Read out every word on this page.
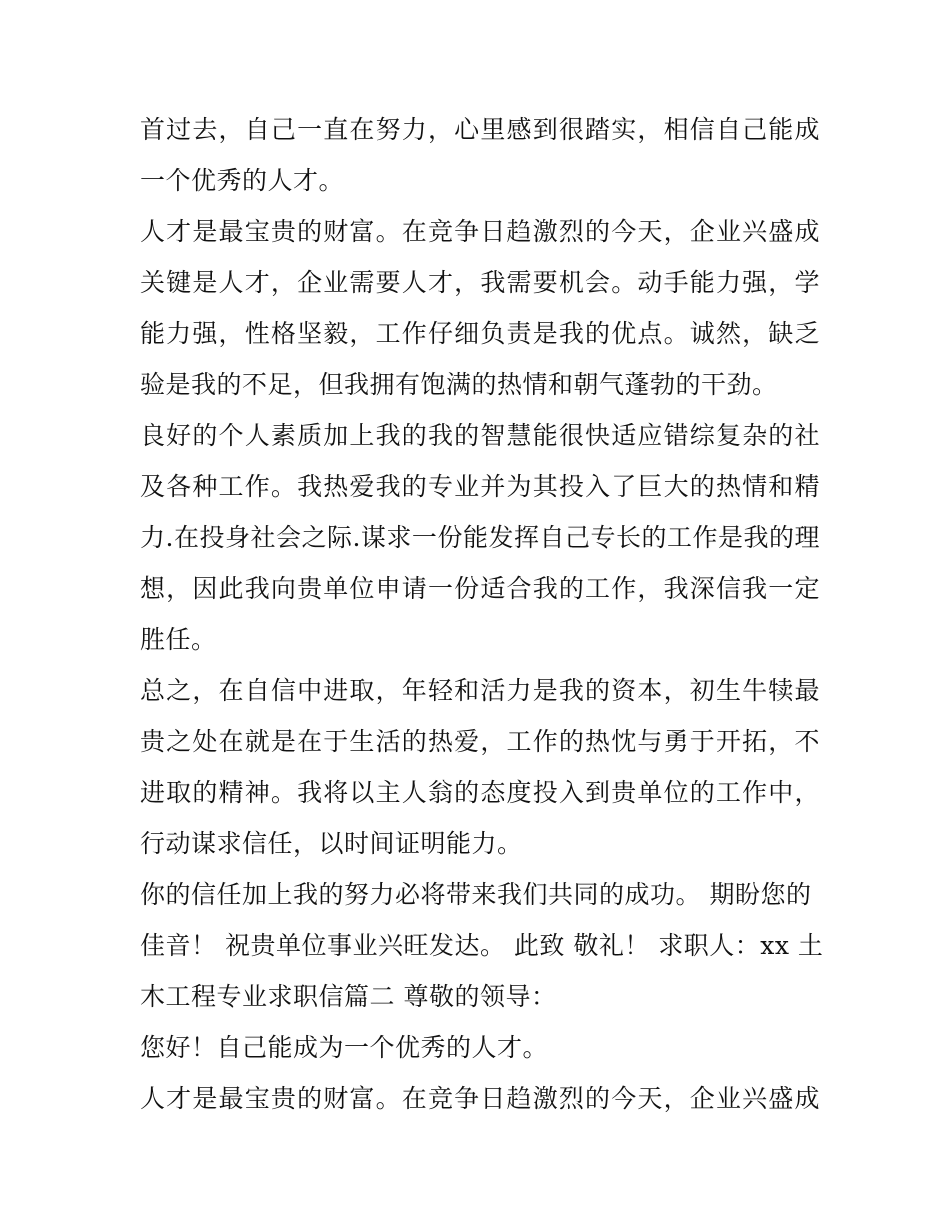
首过去，自己一直在努力，心里感到很踏实，相信自己能成
一个优秀的人才。
人才是最宝贵的财富。在竞争日趋激烈的今天，企业兴盛成
关键是人才，企业需要人才，我需要机会。动手能力强，学
能力强，性格坚毅，工作仔细负责是我的优点。诚然，缺乏
验是我的不足，但我拥有饱满的热情和朝气蓬勃的干劲。
良好的个人素质加上我的我的智慧能很快适应错综复杂的社
及各种工作。我热爱我的专业并为其投入了巨大的热情和精
力.在投身社会之际.谋求一份能发挥自己专长的工作是我的理
想，因此我向贵单位申请一份适合我的工作，我深信我一定
胜任。
总之，在自信中进取，年轻和活力是我的资本，初生牛犊最
贵之处在就是在于生活的热爱，工作的热忱与勇于开拓，不
进取的精神。我将以主人翁的态度投入到贵单位的工作中，
行动谋求信任，以时间证明能力。
你的信任加上我的努力必将带来我们共同的成功。 期盼您的
佳音！ 祝贵单位事业兴旺发达。 此致 敬礼！ 求职人：xx 土
木工程专业求职信篇二 尊敬的领导：
您好！自己能成为一个优秀的人才。
人才是最宝贵的财富。在竞争日趋激烈的今天，企业兴盛成
